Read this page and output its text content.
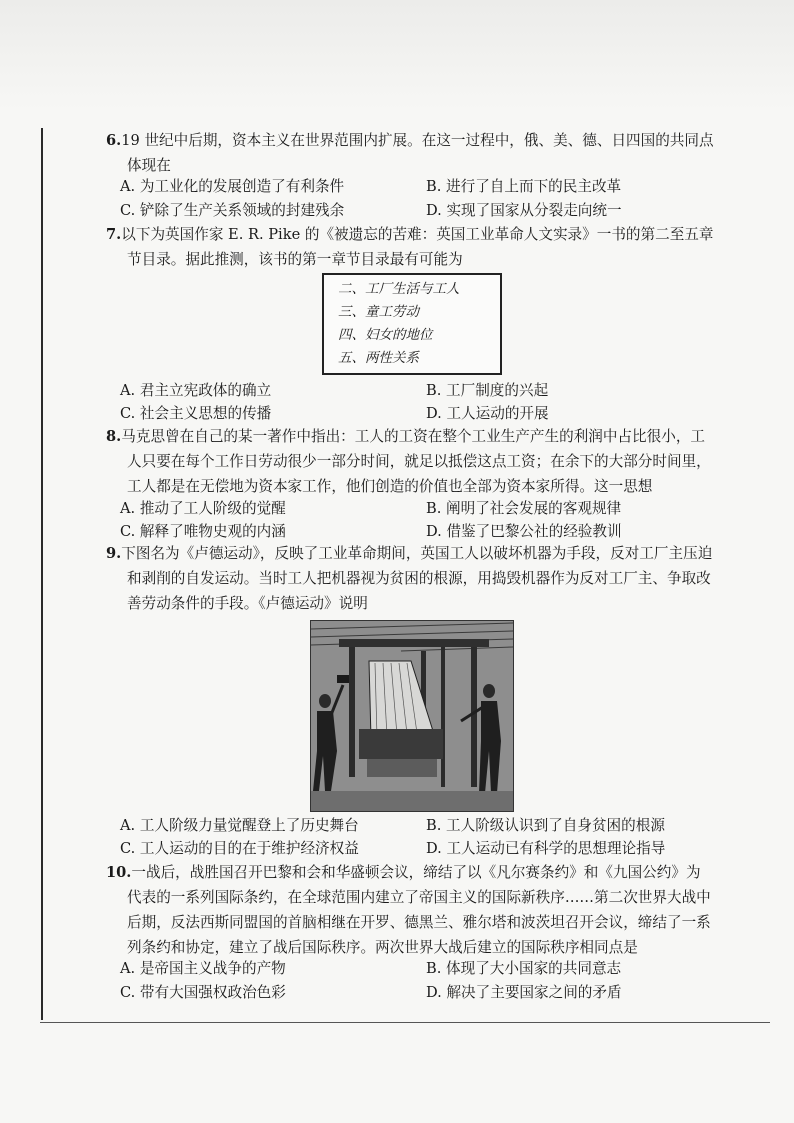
6.19 世纪中后期，资本主义在世界范围内扩展。在这一过程中，俄、美、德、日四国的共同点体现在
A. 为工业化的发展创造了有利条件	B. 进行了自上而下的民主改革
C. 铲除了生产关系领域的封建残余	D. 实现了国家从分裂走向统一
7.以下为英国作家 E. R. Pike 的《被遗忘的苦难：英国工业革命人文实录》一书的第二至五章节目录。据此推测，该书的第一章节目录最有可能为
二、工厂生活与工人
三、童工劳动
四、妇女的地位
五、两性关系
A. 君主立宪政体的确立	B. 工厂制度的兴起
C. 社会主义思想的传播	D. 工人运动的开展
8.马克思曾在自己的某一著作中指出：工人的工资在整个工业生产产生的利润中占比很小，工人只要在每个工作日劳动很少一部分时间，就足以抵偿这点工资；在余下的大部分时间里，工人都是在无偿地为资本家工作，他们创造的价值也全部为资本家所得。这一思想
A. 推动了工人阶级的觉醒	B. 阐明了社会发展的客观规律
C. 解释了唯物史观的内涵	D. 借鉴了巴黎公社的经验教训
9.下图名为《卢德运动》，反映了工业革命期间，英国工人以破坏机器为手段，反对工厂主压迫和剥削的自发运动。当时工人把机器视为贫困的根源，用捣毁机器作为反对工厂主、争取改善劳动条件的手段。《卢德运动》说明
A. 工人阶级力量觉醒登上了历史舞台	B. 工人阶级认识到了自身贫困的根源
C. 工人运动的目的在于维护经济权益	D. 工人运动已有科学的思想理论指导
10.一战后，战胜国召开巴黎和会和华盛顿会议，缔结了以《凡尔赛条约》和《九国公约》为代表的一系列国际条约，在全球范围内建立了帝国主义的国际新秩序……第二次世界大战中后期，反法西斯同盟国的首脑相继在开罗、德黑兰、雅尔塔和波茨坦召开会议，缔结了一系列条约和协定，建立了战后国际秩序。两次世界大战后建立的国际秩序相同点是
A. 是帝国主义战争的产物	B. 体现了大小国家的共同意志
C. 带有大国强权政治色彩	D. 解决了主要国家之间的矛盾
